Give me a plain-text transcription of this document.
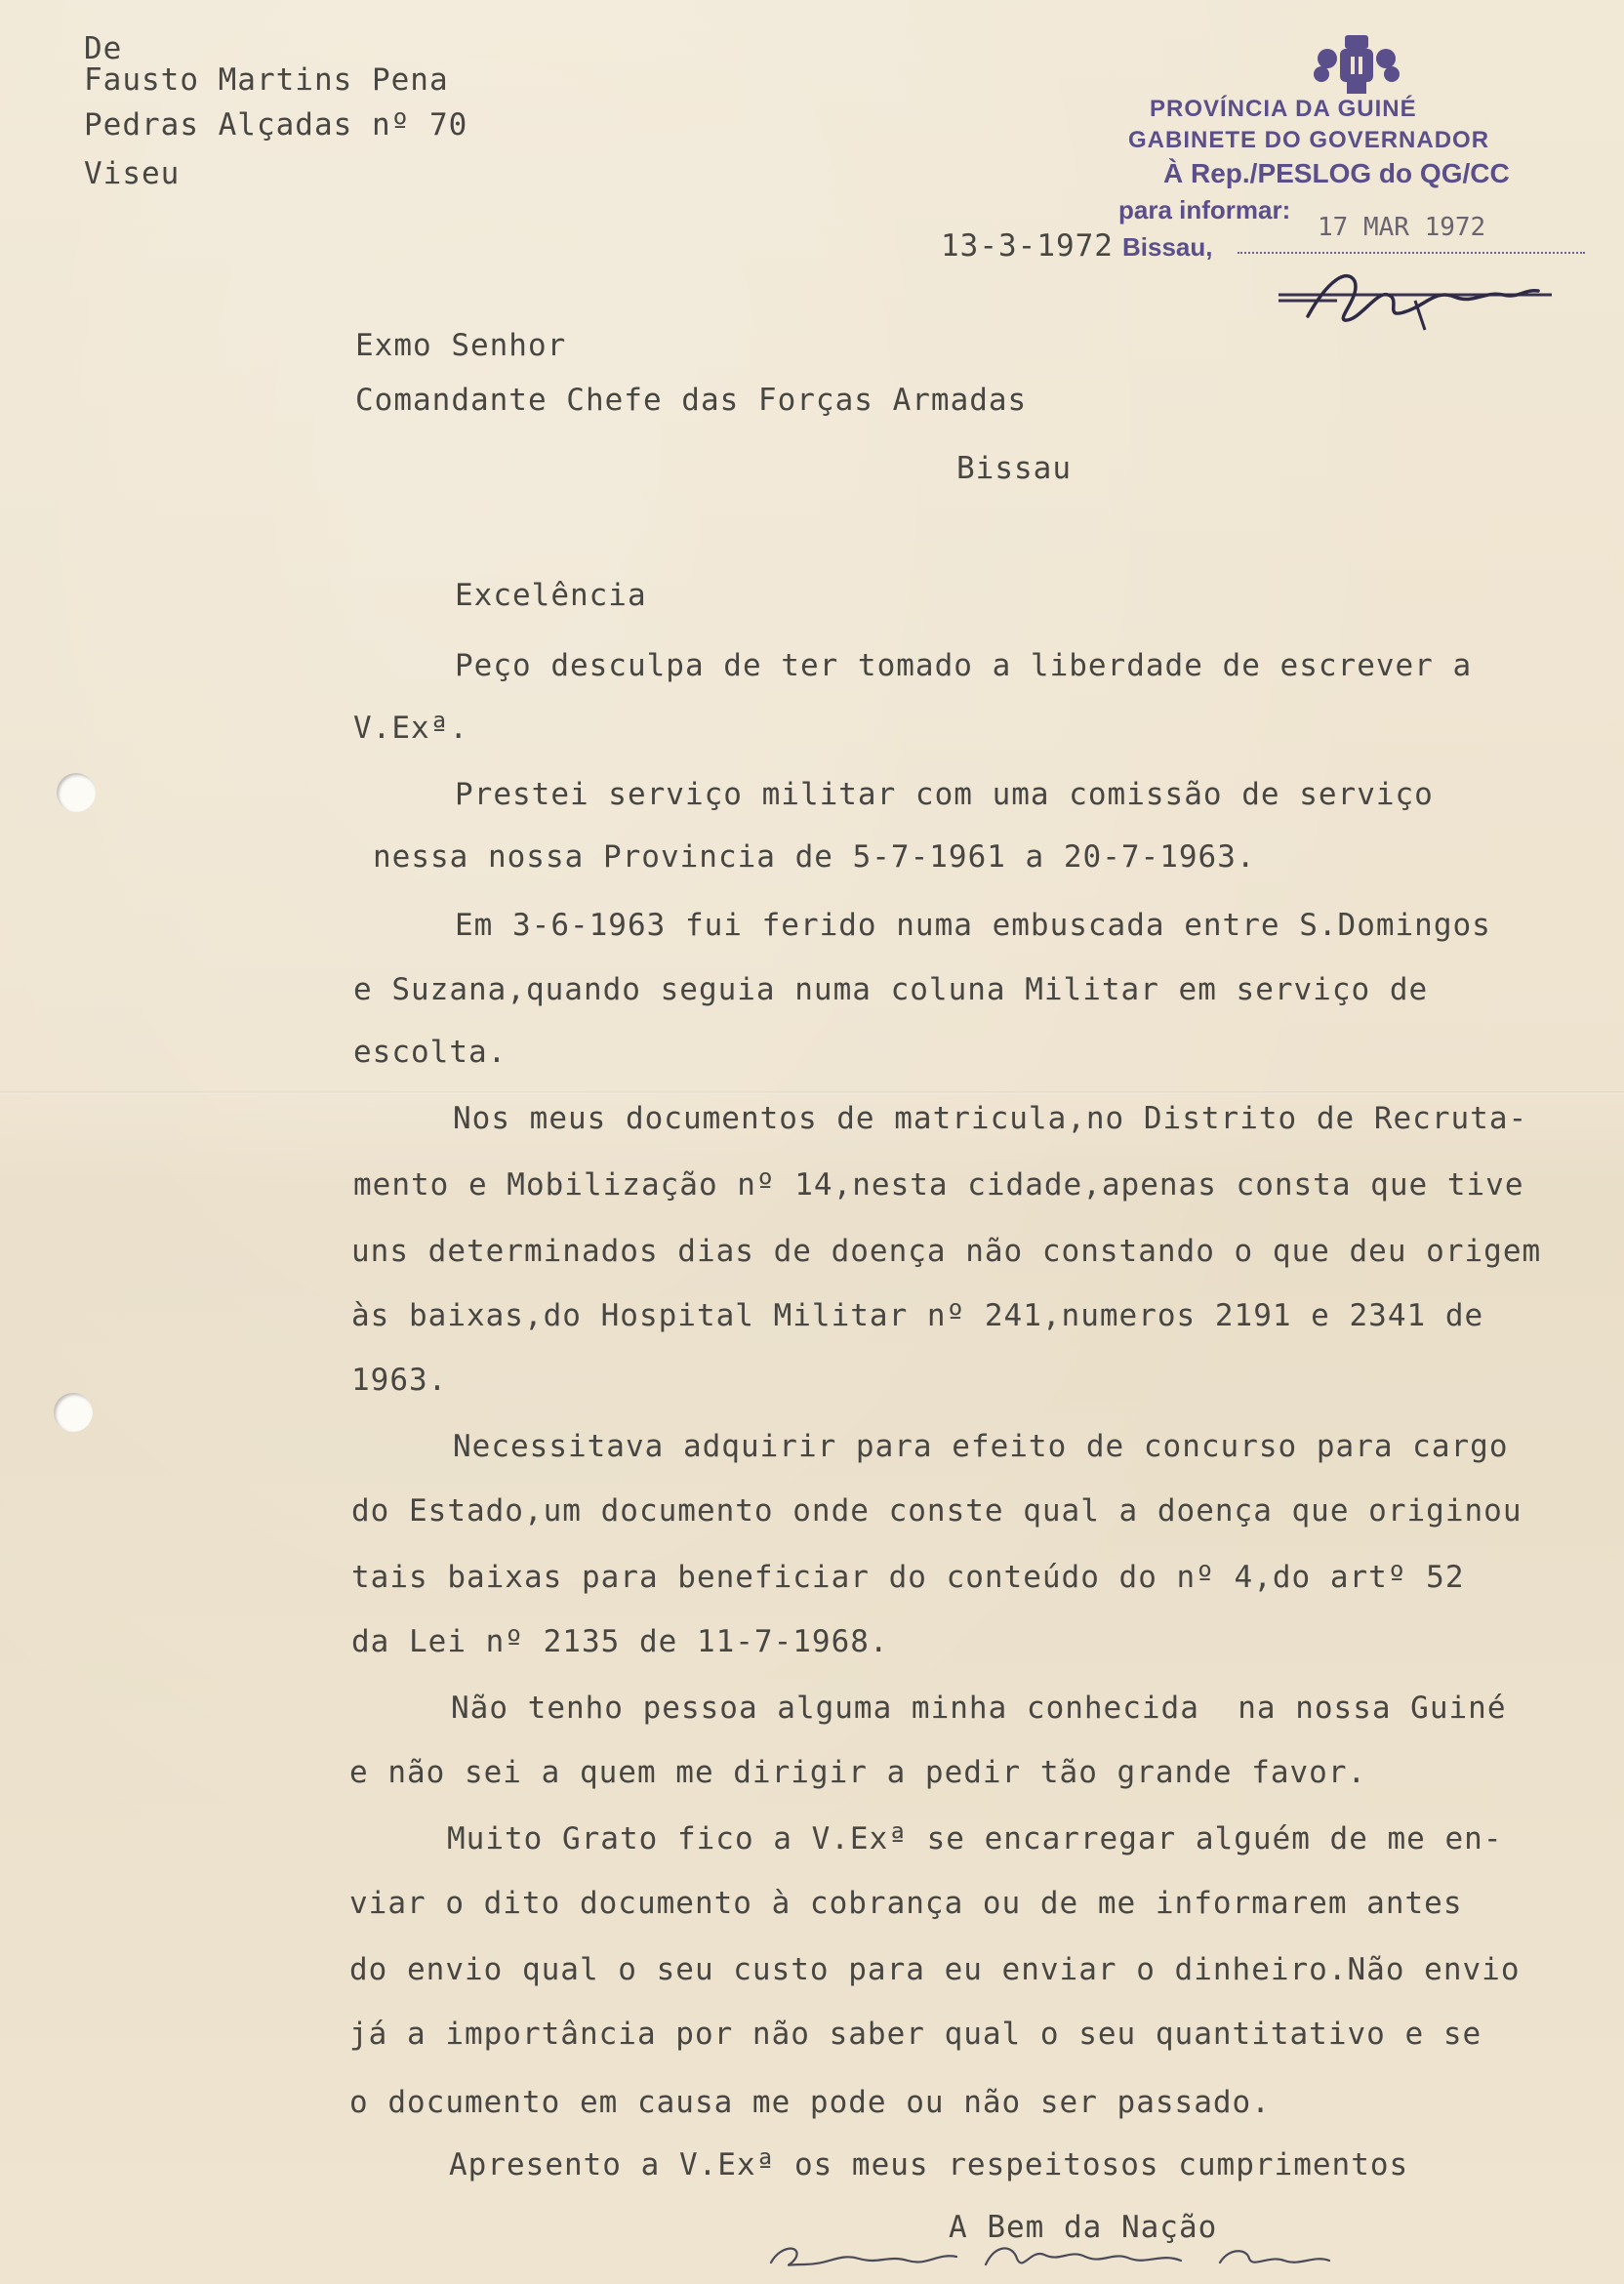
De
Fausto Martins Pena
Pedras Alçadas nº 70
Viseu
PROVÍNCIA DA GUINÉ
GABINETE DO GOVERNADOR
À Rep./PESLOG do QG/CC
para informar:
Bissau,
17 MAR 1972
13-3-1972
Exmo Senhor
Comandante Chefe das Forças Armadas
Bissau
Excelência
Peço desculpa de ter tomado a liberdade de escrever a
V.Exª.
Prestei serviço militar com uma comissão de serviço
nessa nossa Provincia de 5-7-1961 a 20-7-1963.
Em 3-6-1963 fui ferido numa embuscada entre S.Domingos
e Suzana,quando seguia numa coluna Militar em serviço de
escolta.
Nos meus documentos de matricula,no Distrito de Recruta-
mento e Mobilização nº 14,nesta cidade,apenas consta que tive
uns determinados dias de doença não constando o que deu origem
às baixas,do Hospital Militar nº 241,numeros 2191 e 2341 de
1963.
Necessitava adquirir para efeito de concurso para cargo
do Estado,um documento onde conste qual a doença que originou
tais baixas para beneficiar do conteúdo do nº 4,do artº 52
da Lei nº 2135 de 11-7-1968.
Não tenho pessoa alguma minha conhecida  na nossa Guiné
e não sei a quem me dirigir a pedir tão grande favor.
Muito Grato fico a V.Exª se encarregar alguém de me en-
viar o dito documento à cobrança ou de me informarem antes
do envio qual o seu custo para eu enviar o dinheiro.Não envio
já a importância por não saber qual o seu quantitativo e se
o documento em causa me pode ou não ser passado.
Apresento a V.Exª os meus respeitosos cumprimentos
A Bem da Nação
